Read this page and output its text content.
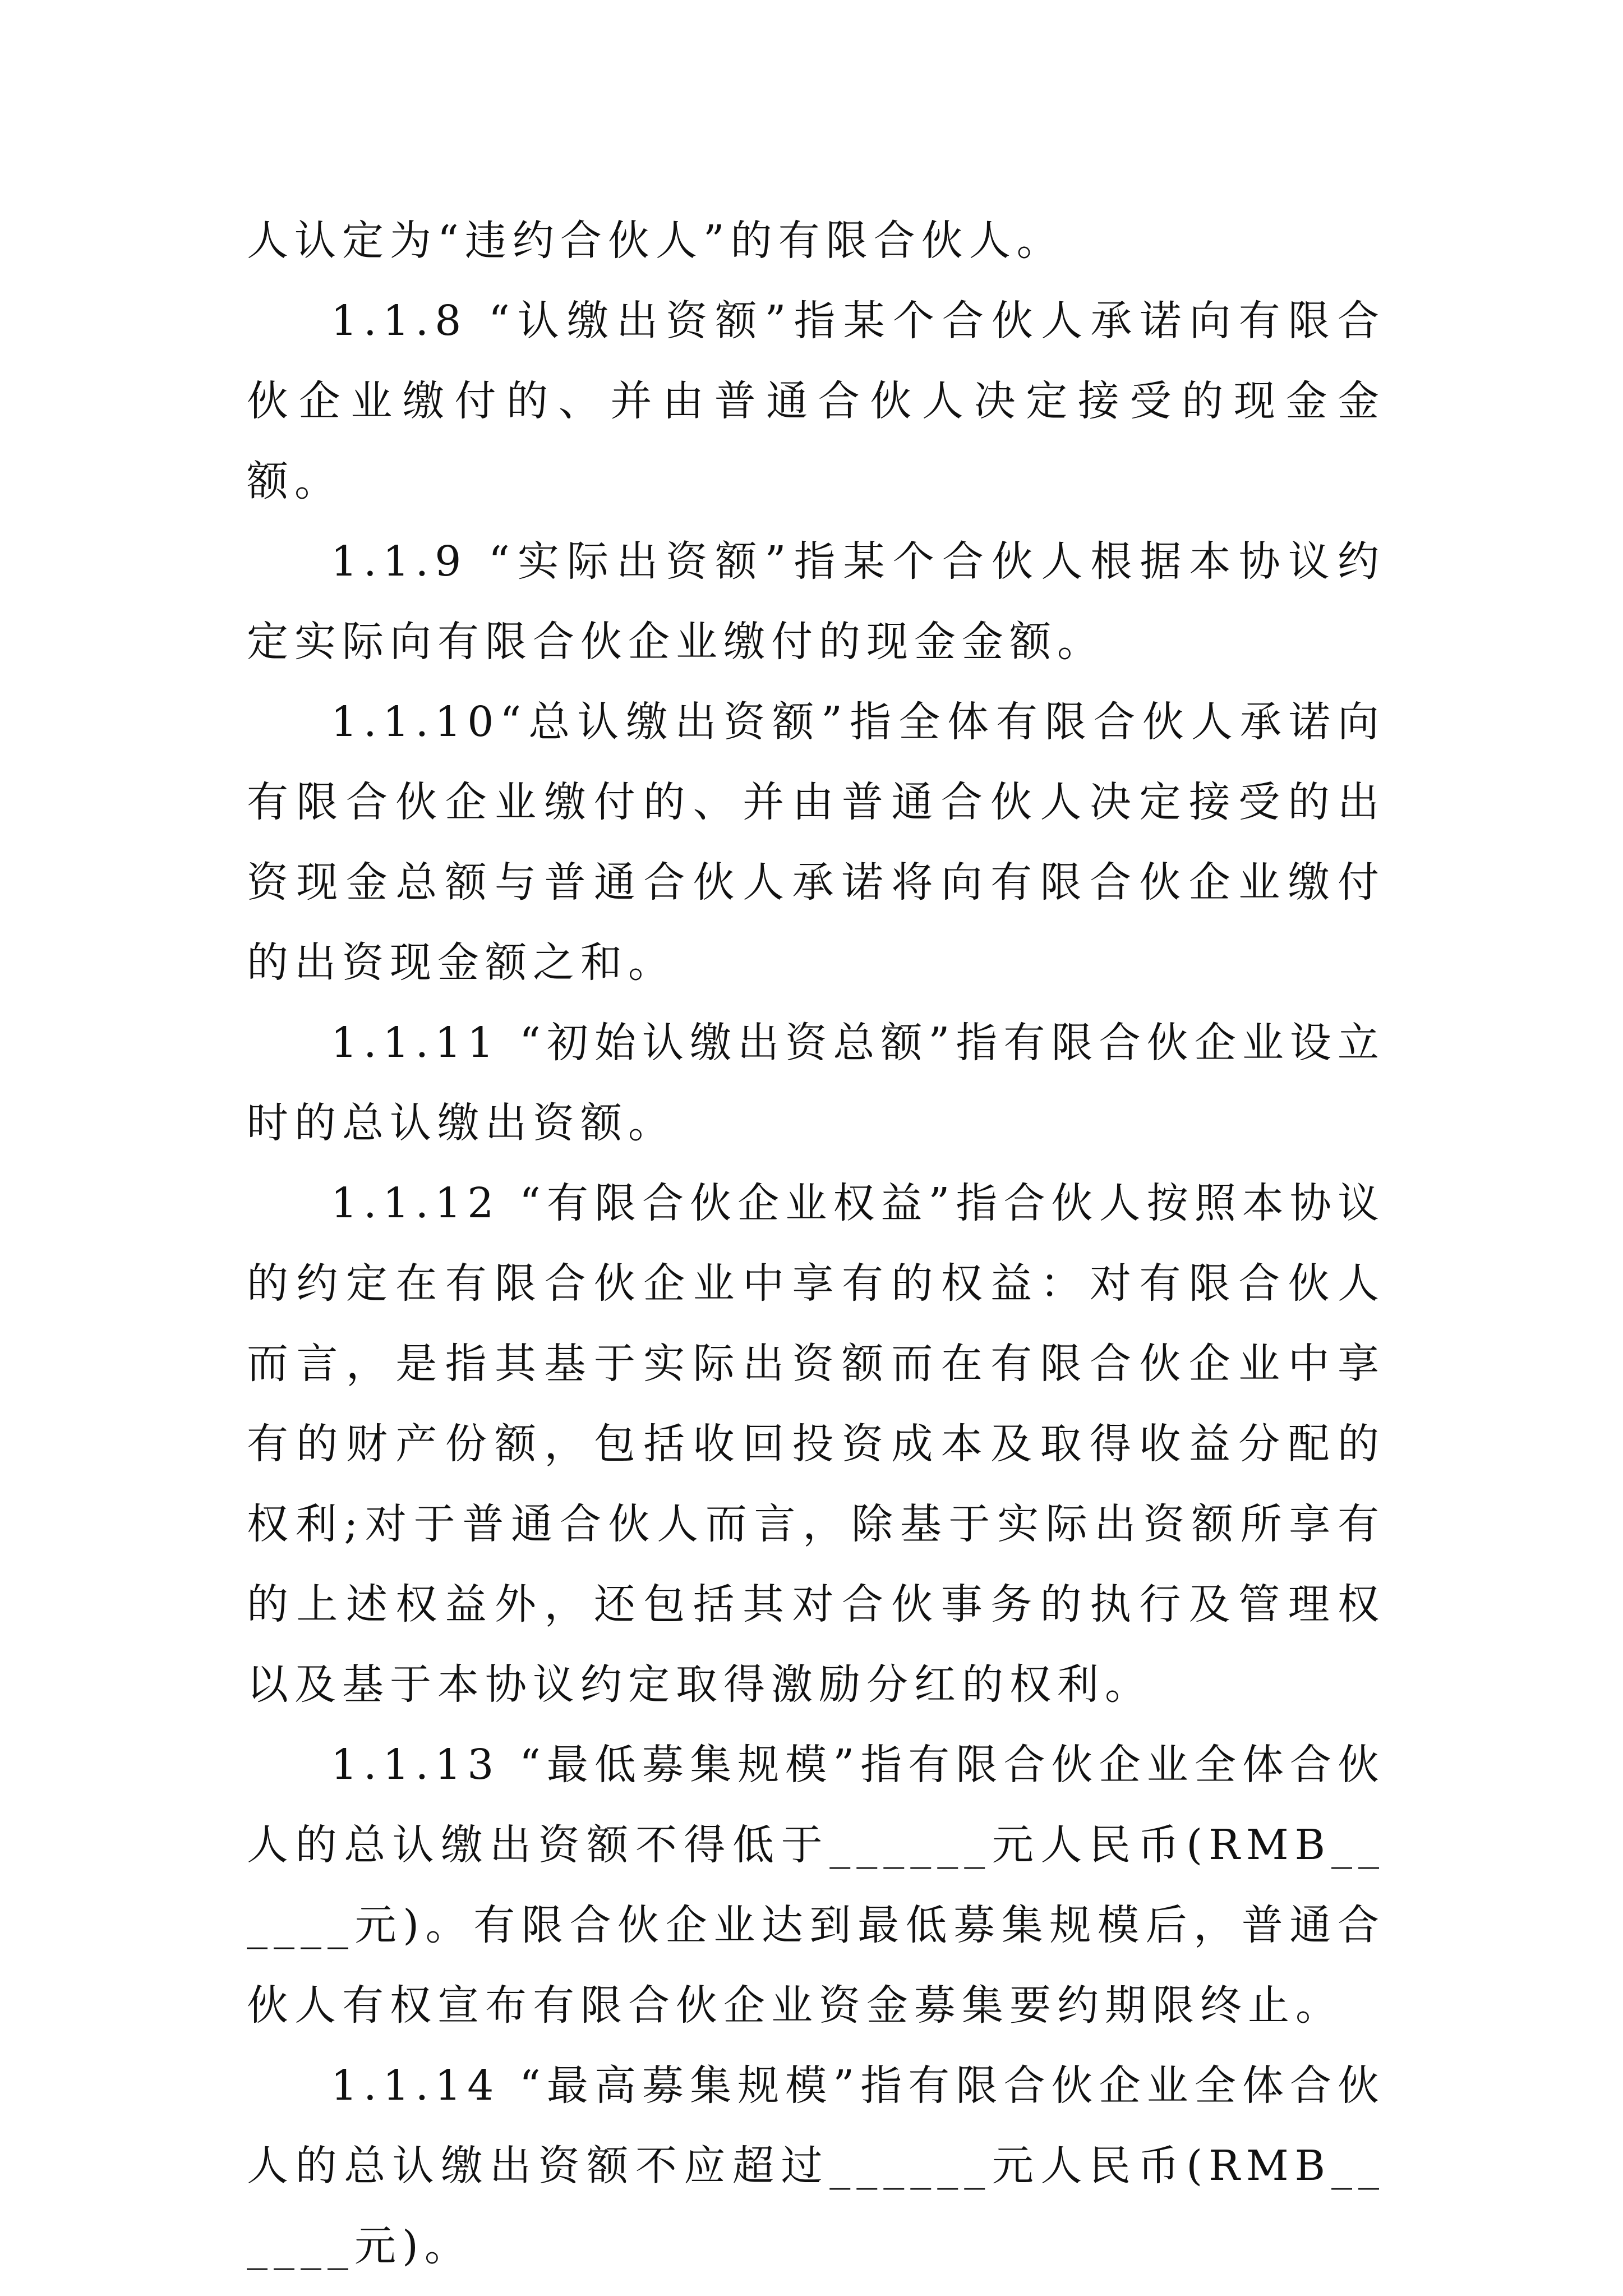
人认定为“违约合伙人”的有限合伙人。

1.1.8 “认缴出资额”指某个合伙人承诺向有限合伙企业缴付的、并由普通合伙人决定接受的现金金额。

1.1.9 “实际出资额”指某个合伙人根据本协议约定实际向有限合伙企业缴付的现金金额。

1.1.10“总认缴出资额”指全体有限合伙人承诺向有限合伙企业缴付的、并由普通合伙人决定接受的出资现金总额与普通合伙人承诺将向有限合伙企业缴付的出资现金额之和。

1.1.11 “初始认缴出资总额”指有限合伙企业设立时的总认缴出资额。

1.1.12 “有限合伙企业权益”指合伙人按照本协议的约定在有限合伙企业中享有的权益：对有限合伙人而言，是指其基于实际出资额而在有限合伙企业中享有的财产份额，包括收回投资成本及取得收益分配的权利;对于普通合伙人而言，除基于实际出资额所享有的上述权益外，还包括其对合伙事务的执行及管理权以及基于本协议约定取得激励分红的权利。

1.1.13 “最低募集规模”指有限合伙企业全体合伙人的总认缴出资额不得低于______元人民币(RMB______元)。有限合伙企业达到最低募集规模后，普通合伙人有权宣布有限合伙企业资金募集要约期限终止。

1.1.14 “最高募集规模”指有限合伙企业全体合伙人的总认缴出资额不应超过______元人民币(RMB______元)。
